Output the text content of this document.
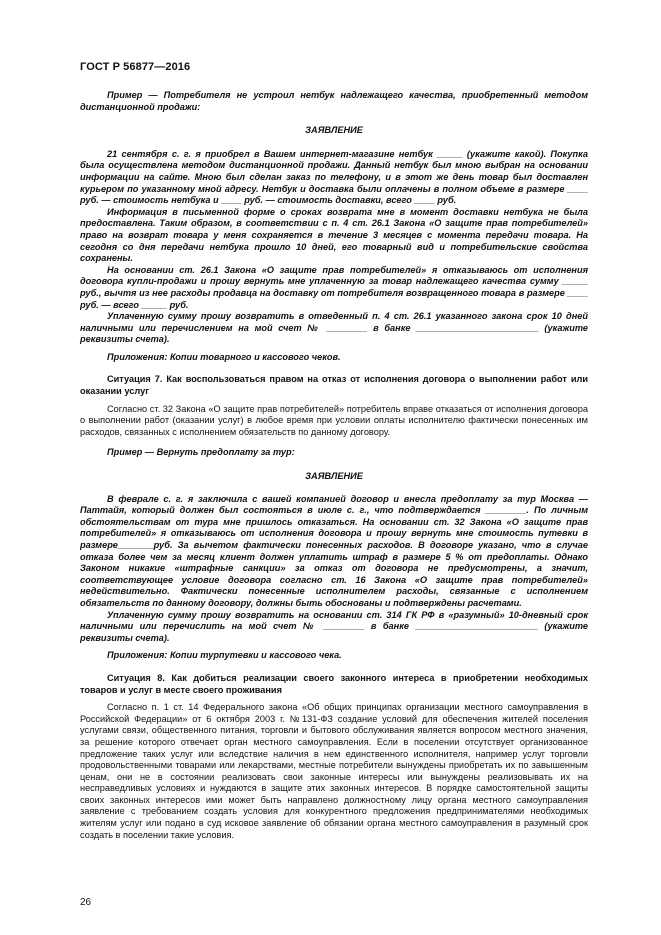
ГОСТ Р 56877—2016

Пример — Потребителя не устроил нетбук надлежащего качества, приобретенный методом дистанционной продажи:

ЗАЯВЛЕНИЕ

21 сентября с. г. я приобрел в Вашем интернет-магазине нетбук _____ (укажите какой). Покупка была осуществлена методом дистанционной продажи. Данный нетбук был мною выбран на основании информации на сайте. Мною был сделан заказ по телефону, и в этот же день товар был доставлен курьером по указанному мной адресу. Нетбук и доставка были оплачены в полном объеме в размере ____ руб. — стоимость нетбука и ____ руб. — стоимость доставки, всего ____ руб.

Информация в письменной форме о сроках возврата мне в момент доставки нетбука не была предоставлена. Таким образом, в соответствии с п. 4 ст. 26.1 Закона «О защите прав потребителей» право на возврат товара у меня сохраняется в течение 3 месяцев с момента передачи товара. На сегодня со дня передачи нетбука прошло 10 дней, его товарный вид и потребительские свойства сохранены.

На основании ст. 26.1 Закона «О защите прав потребителей» я отказываюсь от исполнения договора купли-продажи и прошу вернуть мне уплаченную за товар надлежащего качества сумму _____ руб., вычтя из нее расходы продавца на доставку от потребителя возвращенного товара в размере ____ руб. — всего _____ руб.

Уплаченную сумму прошу возвратить в отведенный п. 4 ст. 26.1 указанного закона срок 10 дней наличными или перечислением на мой счет № ________ в банке ________________________ (укажите реквизиты счета).

Приложения: Копии товарного и кассового чеков.

Ситуация 7. Как воспользоваться правом на отказ от исполнения договора о выполнении работ или оказании услуг

Согласно ст. 32 Закона «О защите прав потребителей» потребитель вправе отказаться от исполнения договора о выполнении работ (оказании услуг) в любое время при условии оплаты исполнителю фактически понесенных им расходов, связанных с исполнением обязательств по данному договору.

Пример — Вернуть предоплату за тур:

ЗАЯВЛЕНИЕ

В феврале с. г. я заключила с вашей компанией договор и внесла предоплату за тур Москва — Паттайя, который должен был состояться в июле с. г., что подтверждается ________. По личным обстоятельствам от тура мне пришлось отказаться. На основании ст. 32 Закона «О защите прав потребителей» я отказываюсь от исполнения договора и прошу вернуть мне стоимость путевки в размере_______руб. За вычетом фактически понесенных расходов. В договоре указано, что в случае отказа более чем за месяц клиент должен уплатить штраф в размере 5 % от предоплаты. Однако Законом никакие «штрафные санкции» за отказ от договора не предусмотрены, а значит, соответствующее условие договора согласно ст. 16 Закона «О защите прав потребителей» недействительно. Фактически понесенные исполнителем расходы, связанные с исполнением обязательств по данному договору, должны быть обоснованы и подтверждены расчетами.

Уплаченную сумму прошу возвратить на основании ст. 314 ГК РФ в «разумный» 10-дневный срок наличными или перечислить на мой счет № ________ в банке ________________________ (укажите реквизиты счета).

Приложения: Копии турпутевки и кассового чека.

Ситуация 8. Как добиться реализации своего законного интереса в приобретении необходимых товаров и услуг в месте своего проживания

Согласно п. 1 ст. 14 Федерального закона «Об общих принципах организации местного самоуправления в Российской Федерации» от 6 октября 2003 г. №131-ФЗ создание условий для обеспечения жителей поселения услугами связи, общественного питания, торговли и бытового обслуживания является вопросом местного значения, за решение которого отвечает орган местного самоуправления. Если в поселении отсутствует организованное предложение таких услуг или вследствие наличия в нем единственного исполнителя, например услуг торговли продовольственными товарами или лекарствами, местные потребители вынуждены приобретать их по завышенным ценам, они не в состоянии реализовать свои законные интересы или вынуждены реализовывать их на несправедливых условиях и нуждаются в защите этих законных интересов. В порядке самостоятельной защиты своих законных интересов ими может быть направлено должностному лицу органа местного самоуправления заявление с требованием создать условия для конкурентного предложения предпринимателями необходимых жителям услуг или подано в суд исковое заявление об обязании органа местного самоуправления в разумный срок создать в поселении такие условия.

26
